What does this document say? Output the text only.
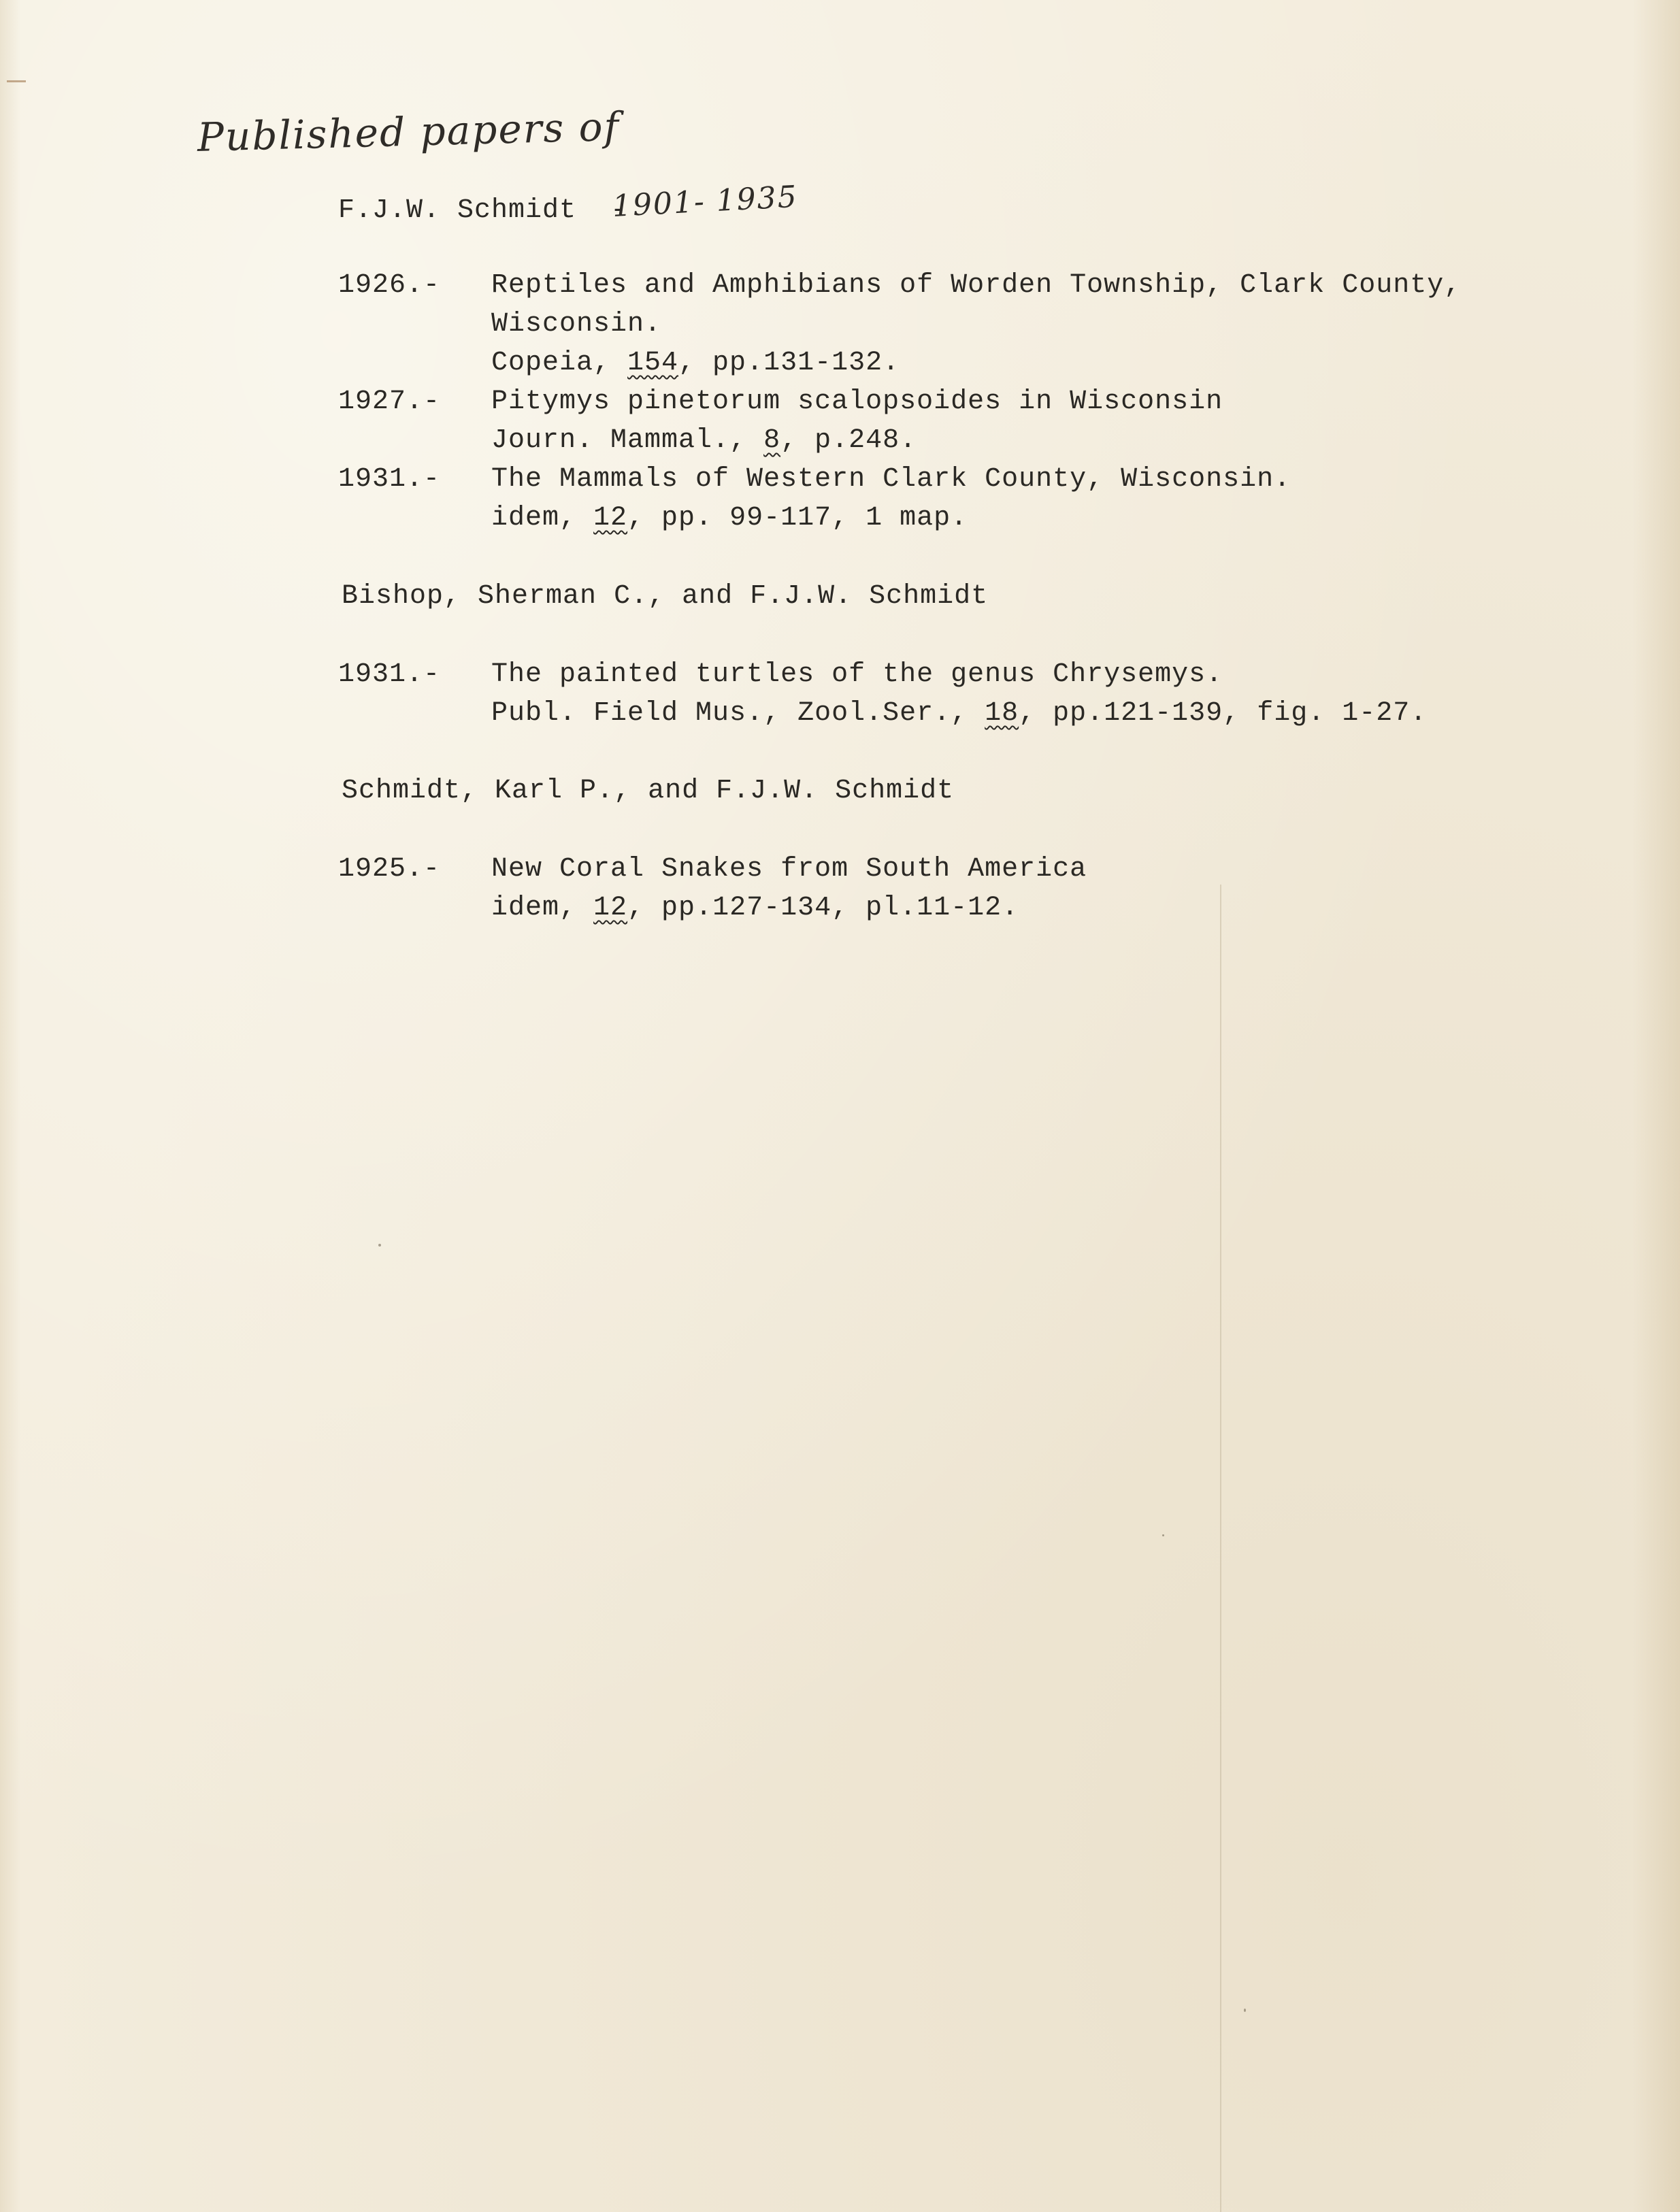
Published papers of
F.J.W. Schmidt  -
1901- 1935
1926.- Reptiles and Amphibians of Worden Township, Clark County,
Wisconsin.
Copeia, 154, pp.131-132.
1927.- Pitymys pinetorum scalopsoides in Wisconsin
Journ. Mammal., 8, p.248.
1931.- The Mammals of Western Clark County, Wisconsin.
idem, 12, pp. 99-117, 1 map.
Bishop, Sherman C., and F.J.W. Schmidt
1931.- The painted turtles of the genus Chrysemys.
Publ. Field Mus., Zool.Ser., 18, pp.121-139, fig. 1-27.
Schmidt, Karl P., and F.J.W. Schmidt
1925.- New Coral Snakes from South America
idem, 12, pp.127-134, pl.11-12.
